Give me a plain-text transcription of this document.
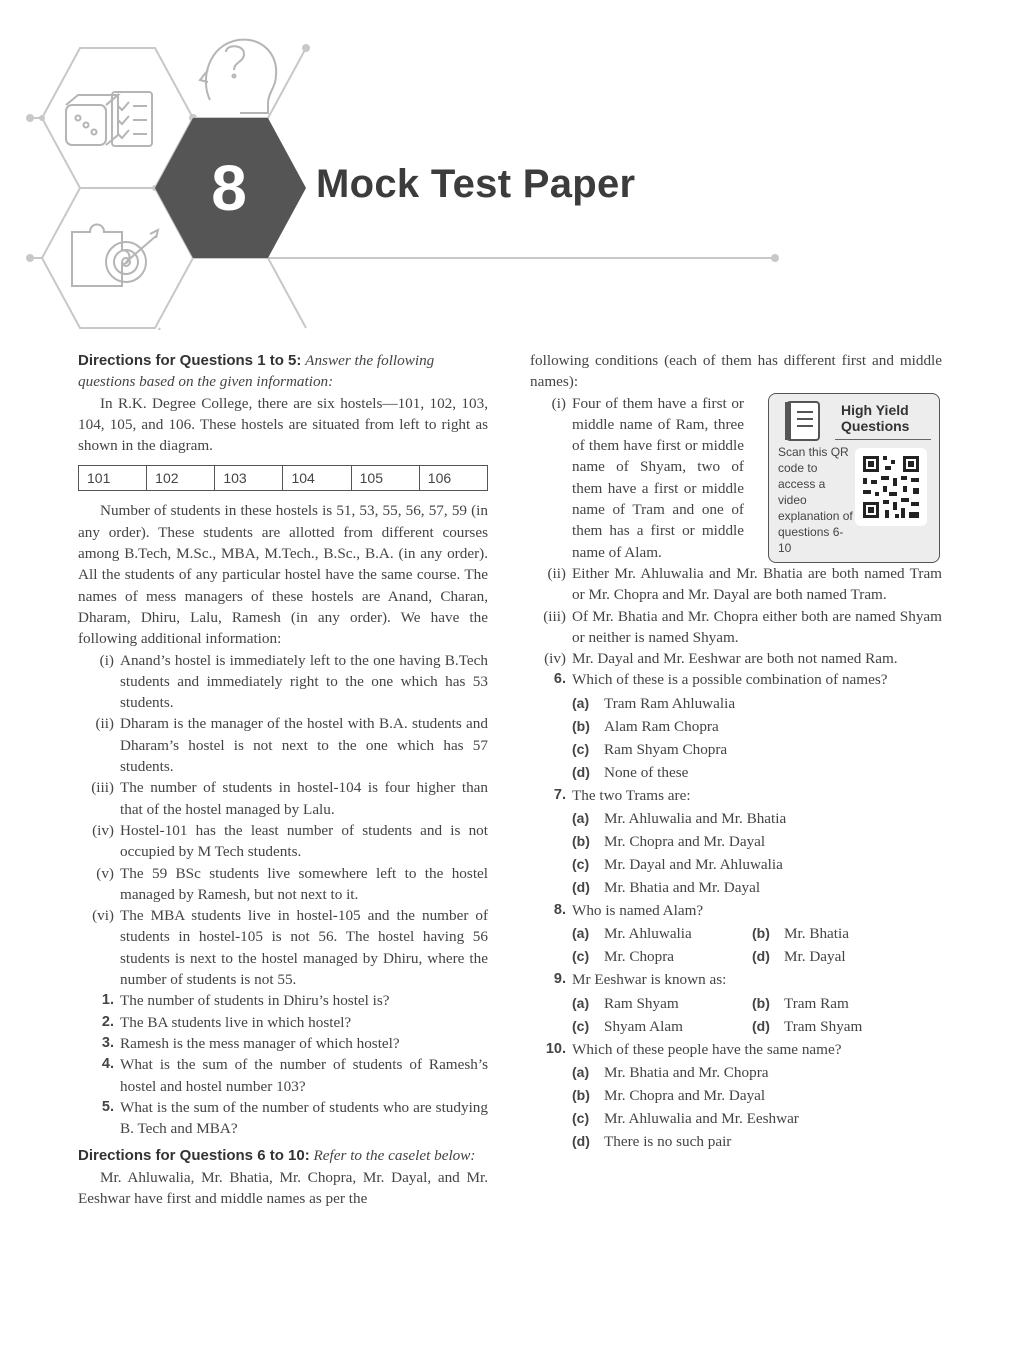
8 Mock Test Paper

Directions for Questions 1 to 5: Answer the following questions based on the given information:

In R.K. Degree College, there are six hostels—101, 102, 103, 104, 105, and 106. These hostels are situated from left to right as shown in the diagram.

101	102	103	104	105	106

Number of students in these hostels is 51, 53, 55, 56, 57, 59 (in any order). These students are allotted from different courses among B.Tech, M.Sc., MBA, M.Tech., B.Sc., B.A. (in any order). All the students of any particular hostel have the same course. The names of mess managers of these hostels are Anand, Charan, Dharam, Dhiru, Lalu, Ramesh (in any order). We have the following additional information:

(i) Anand’s hostel is immediately left to the one having B.Tech students and immediately right to the one which has 53 students.
(ii) Dharam is the manager of the hostel with B.A. students and Dharam’s hostel is not next to the one which has 57 students.
(iii) The number of students in hostel-104 is four higher than that of the hostel managed by Lalu.
(iv) Hostel-101 has the least number of students and is not occupied by M Tech students.
(v) The 59 BSc students live somewhere left to the hostel managed by Ramesh, but not next to it.
(vi) The MBA students live in hostel-105 and the number of students in hostel-105 is not 56. The hostel having 56 students is next to the hostel managed by Dhiru, where the number of students is not 55.
1. The number of students in Dhiru’s hostel is?
2. The BA students live in which hostel?
3. Ramesh is the mess manager of which hostel?
4. What is the sum of the number of students of Ramesh’s hostel and hostel number 103?
5. What is the sum of the number of students who are studying B. Tech and MBA?

Directions for Questions 6 to 10: Refer to the caselet below:

Mr. Ahluwalia, Mr. Bhatia, Mr. Chopra, Mr. Dayal, and Mr. Eeshwar have first and middle names as per the

following conditions (each of them has different first and middle names):

High Yield
Questions
Scan this QR code to access a video explanation of questions 6-10
(i) Four of them have a first or middle name of Ram, three of them have first or middle name of Shyam, two of them have a first or middle name of Tram and one of them has a first or middle name of Alam.
(ii) Either Mr. Ahluwalia and Mr. Bhatia are both named Tram or Mr. Chopra and Mr. Dayal are both named Tram.
(iii) Of Mr. Bhatia and Mr. Chopra either both are named Shyam or neither is named Shyam.
(iv) Mr. Dayal and Mr. Eeshwar are both not named Ram.
6. Which of these is a possible combination of names?
(a) Tram Ram Ahluwalia
(b) Alam Ram Chopra
(c) Ram Shyam Chopra
(d) None of these
7. The two Trams are:
(a) Mr. Ahluwalia and Mr. Bhatia
(b) Mr. Chopra and Mr. Dayal
(c) Mr. Dayal and Mr. Ahluwalia
(d) Mr. Bhatia and Mr. Dayal
8. Who is named Alam?
(a) Mr. Ahluwalia	(b) Mr. Bhatia
(c) Mr. Chopra	(d) Mr. Dayal
9. Mr Eeshwar is known as:
(a) Ram Shyam	(b) Tram Ram
(c) Shyam Alam	(d) Tram Shyam
10. Which of these people have the same name?
(a) Mr. Bhatia and Mr. Chopra
(b) Mr. Chopra and Mr. Dayal
(c) Mr. Ahluwalia and Mr. Eeshwar
(d) There is no such pair
